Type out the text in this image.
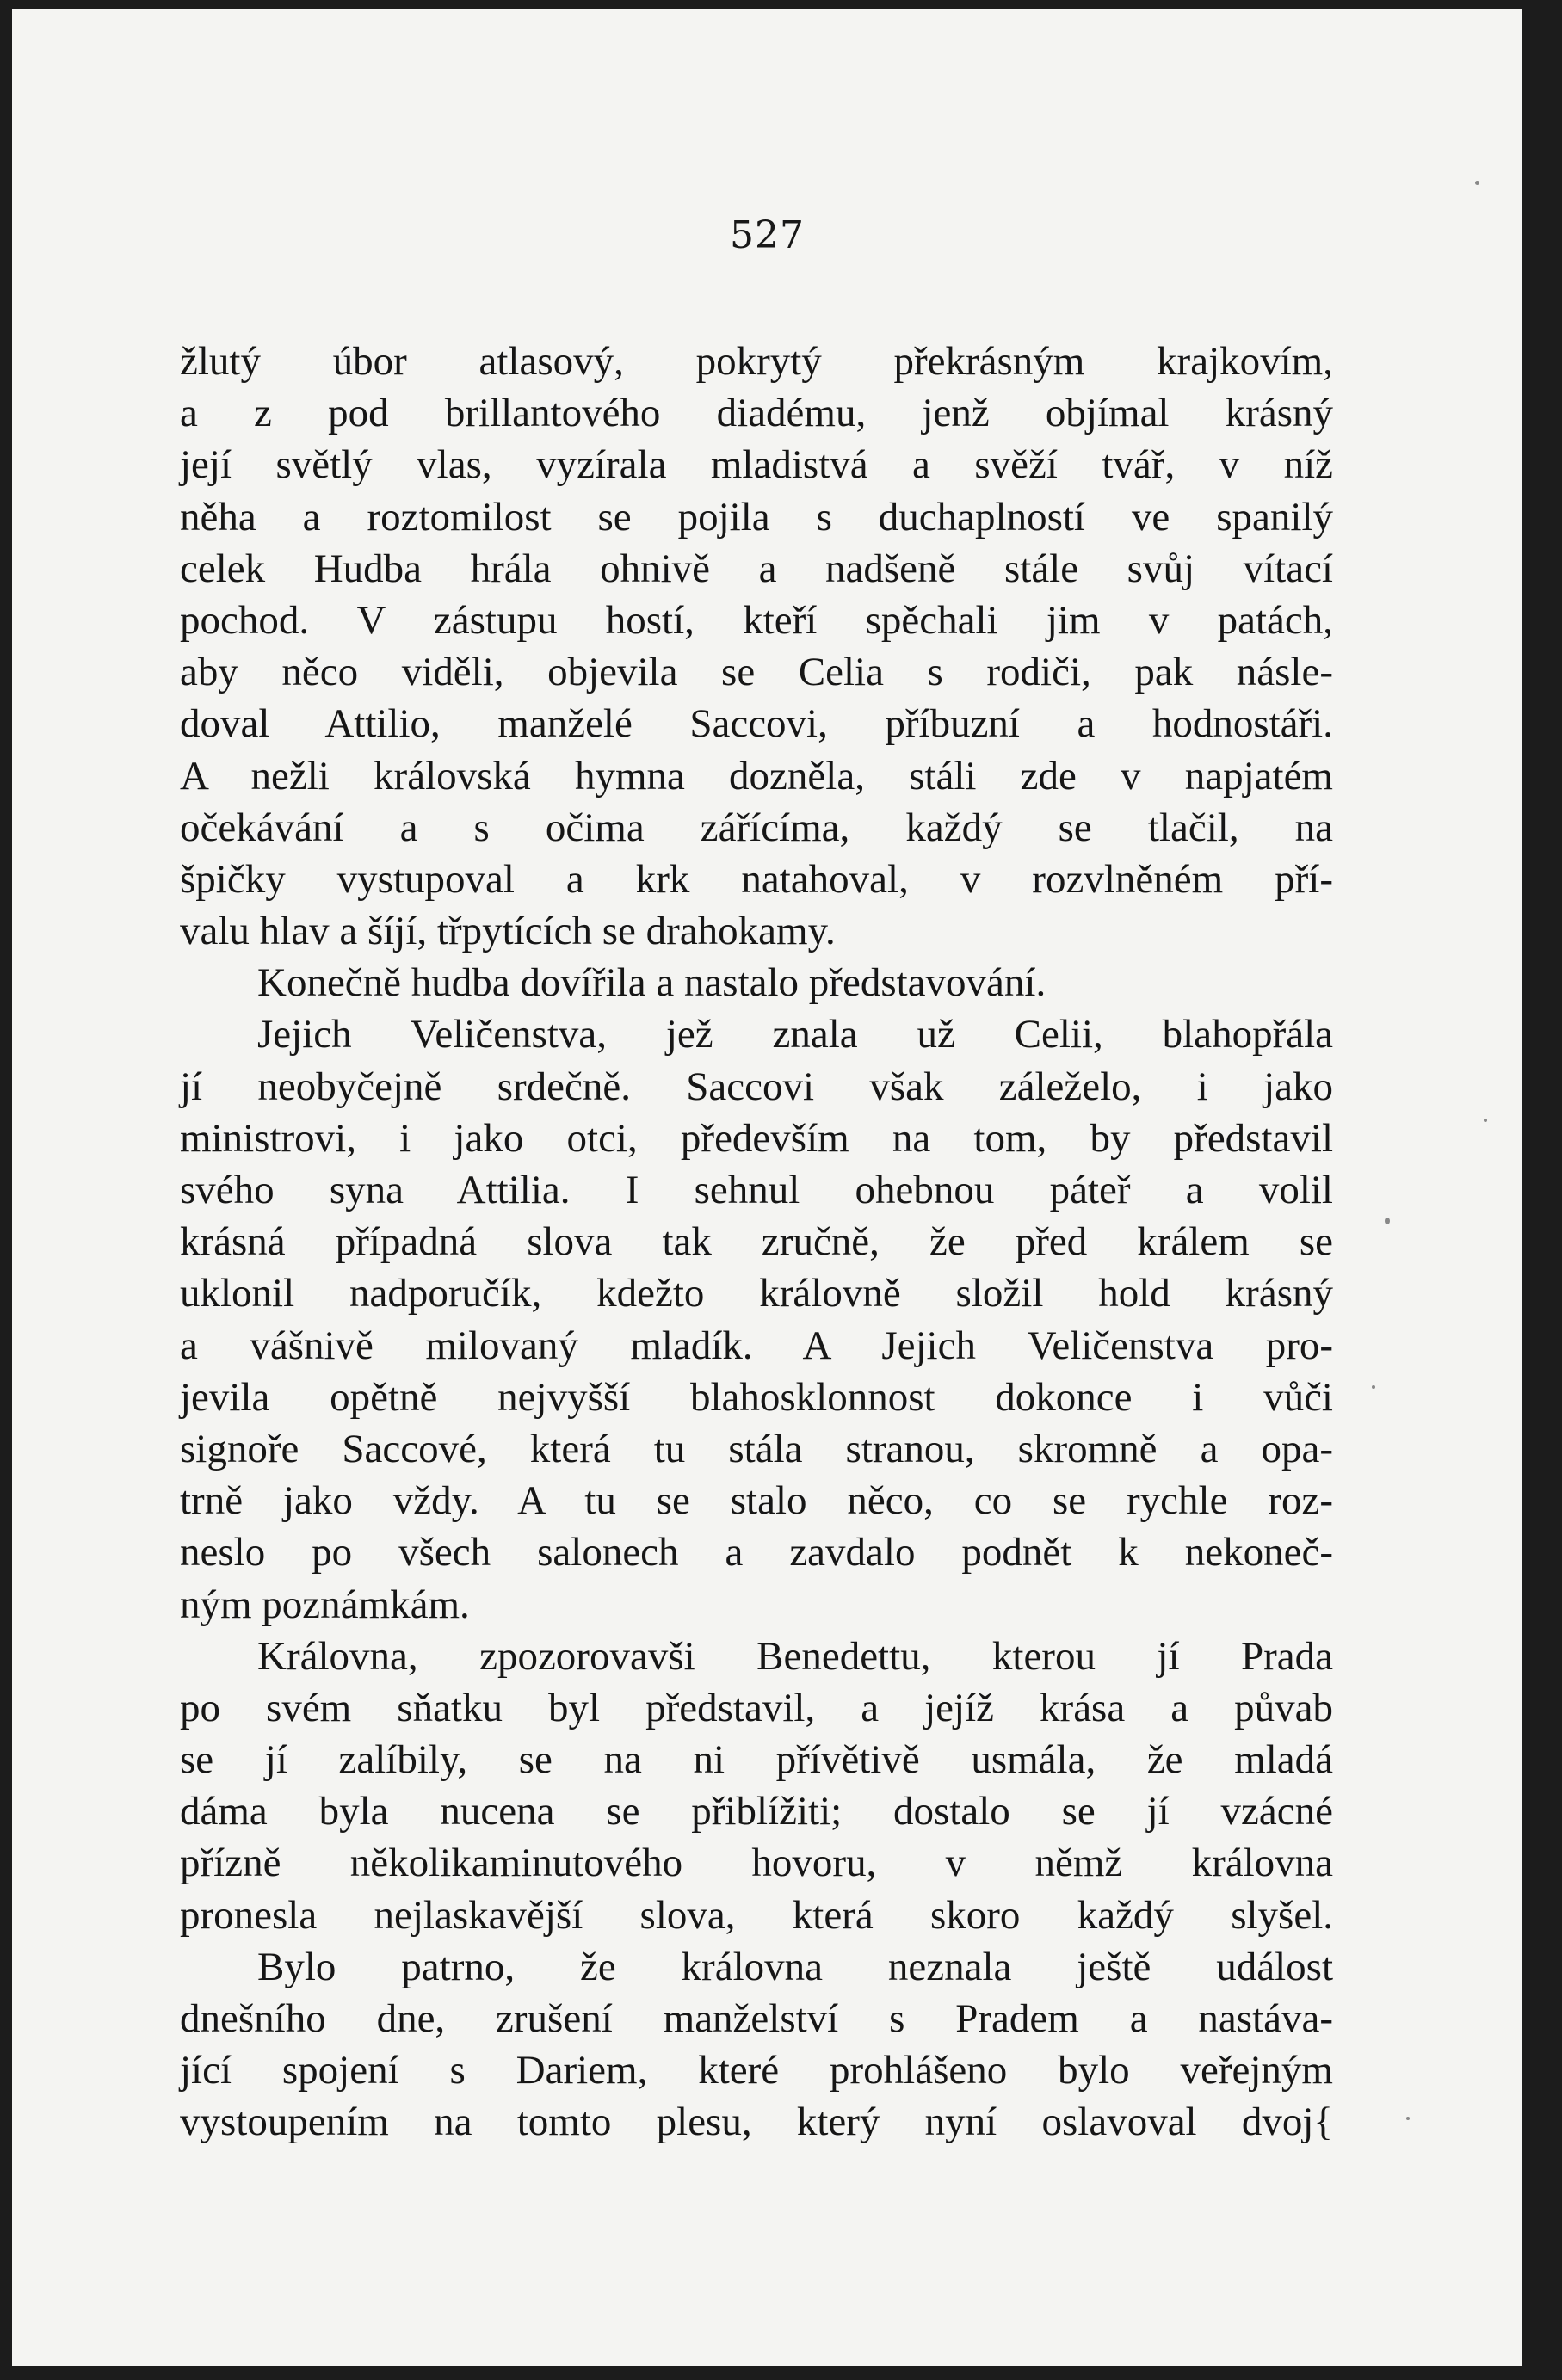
527
žlutý úbor atlasový, pokrytý překrásným krajkovím,
a z pod brillantového diadému, jenž objímal krásný
její světlý vlas, vyzírala mladistvá a svěží tvář, v níž
něha a roztomilost se pojila s duchaplností ve spanilý
celek Hudba hrála ohnivě a nadšeně stále svůj vítací
pochod. V zástupu hostí, kteří spěchali jim v patách,
aby něco viděli, objevila se Celia s rodiči, pak násle-
doval Attilio, manželé Saccovi, příbuzní a hodnostáři.
A nežli královská hymna dozněla, stáli zde v napjatém
očekávání a s očima zářícíma, každý se tlačil, na
špičky vystupoval a krk natahoval, v rozvlněném pří-
valu hlav a šíjí, třpytících se drahokamy.
Konečně hudba dovířila a nastalo představování.
Jejich Veličenstva, jež znala už Celii, blahopřála
jí neobyčejně srdečně. Saccovi však záleželo, i jako
ministrovi, i jako otci, především na tom, by představil
svého syna Attilia. I sehnul ohebnou páteř a volil
krásná případná slova tak zručně, že před králem se
uklonil nadporučík, kdežto královně složil hold krásný
a vášnivě milovaný mladík. A Jejich Veličenstva pro-
jevila opětně nejvyšší blahosklonnost dokonce i vůči
signoře Saccové, která tu stála stranou, skromně a opa-
trně jako vždy. A tu se stalo něco, co se rychle roz-
neslo po všech salonech a zavdalo podnět k nekoneč-
ným poznámkám.
Královna, zpozorovavši Benedettu, kterou jí Prada
po svém sňatku byl představil, a jejíž krása a půvab
se jí zalíbily, se na ni přívětivě usmála, že mladá
dáma byla nucena se přiblížiti; dostalo se jí vzácné
přízně několikaminutového hovoru, v němž královna
pronesla nejlaskavější slova, která skoro každý slyšel.
Bylo patrno, že královna neznala ještě událost
dnešního dne, zrušení manželství s Pradem a nastáva-
jící spojení s Dariem, které prohlášeno bylo veřejným
vystoupením na tomto plesu, který nyní oslavoval dvoj{
